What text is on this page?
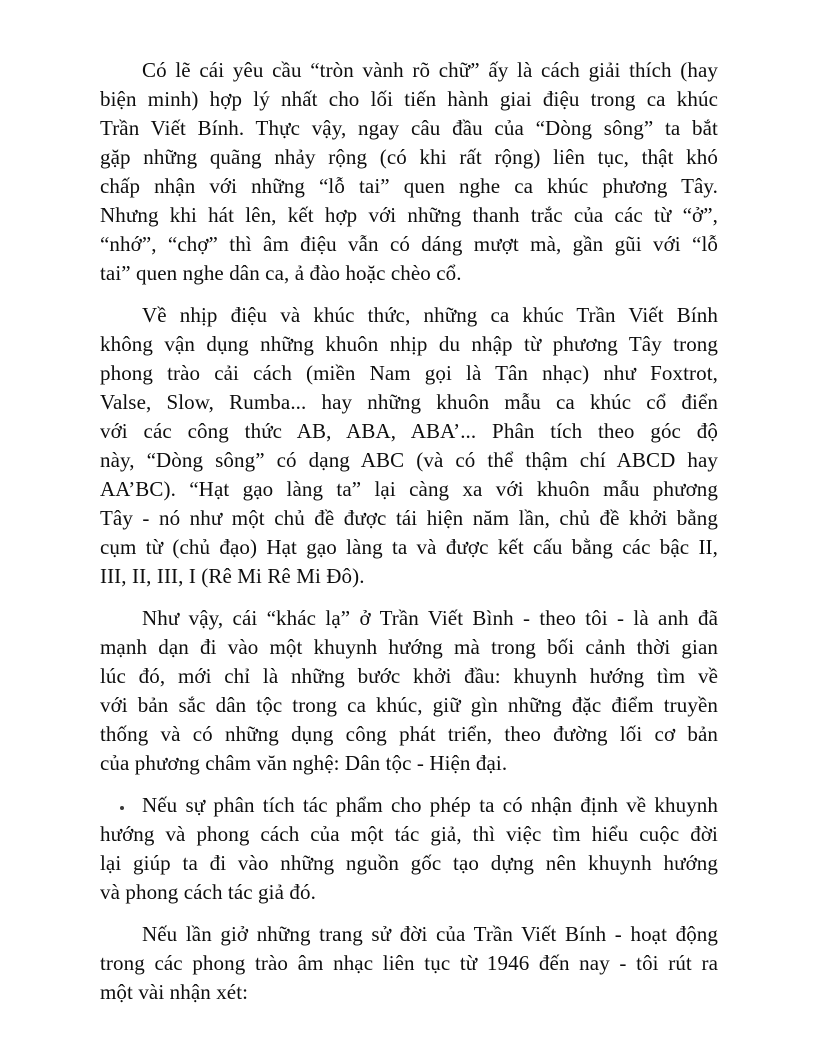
Có lẽ cái yêu cầu “tròn vành rõ chữ” ấy là cách giải thích (hay
biện minh) hợp lý nhất cho lối tiến hành giai điệu trong ca khúc
Trần Viết Bính. Thực vậy, ngay câu đầu của “Dòng sông” ta bắt
gặp những quãng nhảy rộng (có khi rất rộng) liên tục, thật khó
chấp nhận với những “lỗ tai” quen nghe ca khúc phương Tây.
Nhưng khi hát lên, kết hợp với những thanh trắc của các từ “ở”,
“nhớ”, “chợ” thì âm điệu vẫn có dáng mượt mà, gần gũi với “lỗ
tai” quen nghe dân ca, ả đào hoặc chèo cổ.

Về nhịp điệu và khúc thức, những ca khúc Trần Viết Bính
không vận dụng những khuôn nhịp du nhập từ phương Tây trong
phong trào cải cách (miền Nam gọi là Tân nhạc) như Foxtrot,
Valse, Slow, Rumba... hay những khuôn mẫu ca khúc cổ điển
với các công thức AB, ABA, ABA’... Phân tích theo góc độ
này, “Dòng sông” có dạng ABC (và có thể thậm chí ABCD hay
AA’BC). “Hạt gạo làng ta” lại càng xa với khuôn mẫu phương
Tây - nó như một chủ đề được tái hiện năm lần, chủ đề khởi bằng
cụm từ (chủ đạo) Hạt gạo làng ta và được kết cấu bằng các bậc II,
III, II, III, I (Rê Mi Rê Mi Đô).

Như vậy, cái “khác lạ” ở Trần Viết Bình - theo tôi - là anh đã
mạnh dạn đi vào một khuynh hướng mà trong bối cảnh thời gian
lúc đó, mới chỉ là những bước khởi đầu: khuynh hướng tìm về
với bản sắc dân tộc trong ca khúc, giữ gìn những đặc điểm truyền
thống và có những dụng công phát triển, theo đường lối cơ bản
của phương châm văn nghệ: Dân tộc - Hiện đại.

Nếu sự phân tích tác phẩm cho phép ta có nhận định về khuynh
hướng và phong cách của một tác giả, thì việc tìm hiểu cuộc đời
lại giúp ta đi vào những nguồn gốc tạo dựng nên khuynh hướng
và phong cách tác giả đó.

Nếu lần giở những trang sử đời của Trần Viết Bính - hoạt động
trong các phong trào âm nhạc liên tục từ 1946 đến nay - tôi rút ra
một vài nhận xét:
